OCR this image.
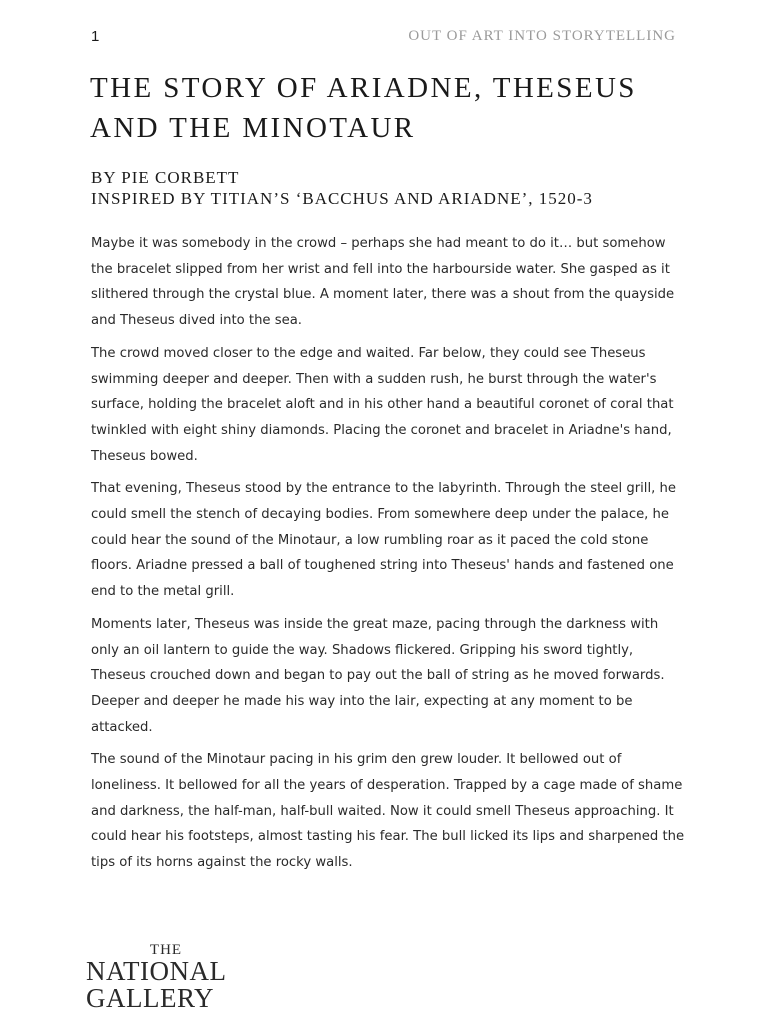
1	OUT OF ART INTO STORYTELLING
THE STORY OF ARIADNE, THESEUS AND THE MINOTAUR
BY PIE CORBETT
INSPIRED BY TITIAN’S ‘BACCHUS AND ARIADNE’, 1520-3

Maybe it was somebody in the crowd – perhaps she had meant to do it… but somehow the bracelet slipped from her wrist and fell into the harbourside water. She gasped as it slithered through the crystal blue. A moment later, there was a shout from the quayside and Theseus dived into the sea.

The crowd moved closer to the edge and waited. Far below, they could see Theseus swimming deeper and deeper. Then with a sudden rush, he burst through the water's surface, holding the bracelet aloft and in his other hand a beautiful coronet of coral that twinkled with eight shiny diamonds. Placing the coronet and bracelet in Ariadne's hand, Theseus bowed.

That evening, Theseus stood by the entrance to the labyrinth. Through the steel grill, he could smell the stench of decaying bodies. From somewhere deep under the palace, he could hear the sound of the Minotaur, a low rumbling roar as it paced the cold stone floors. Ariadne pressed a ball of toughened string into Theseus' hands and fastened one end to the metal grill.

Moments later, Theseus was inside the great maze, pacing through the darkness with only an oil lantern to guide the way. Shadows flickered. Gripping his sword tightly, Theseus crouched down and began to pay out the ball of string as he moved forwards. Deeper and deeper he made his way into the lair, expecting at any moment to be attacked.

The sound of the Minotaur pacing in his grim den grew louder. It bellowed out of loneliness. It bellowed for all the years of desperation. Trapped by a cage made of shame and darkness, the half-man, half-bull waited. Now it could smell Theseus approaching. It could hear his footsteps, almost tasting his fear. The bull licked its lips and sharpened the tips of its horns against the rocky walls.

THE
NATIONAL
GALLERY
